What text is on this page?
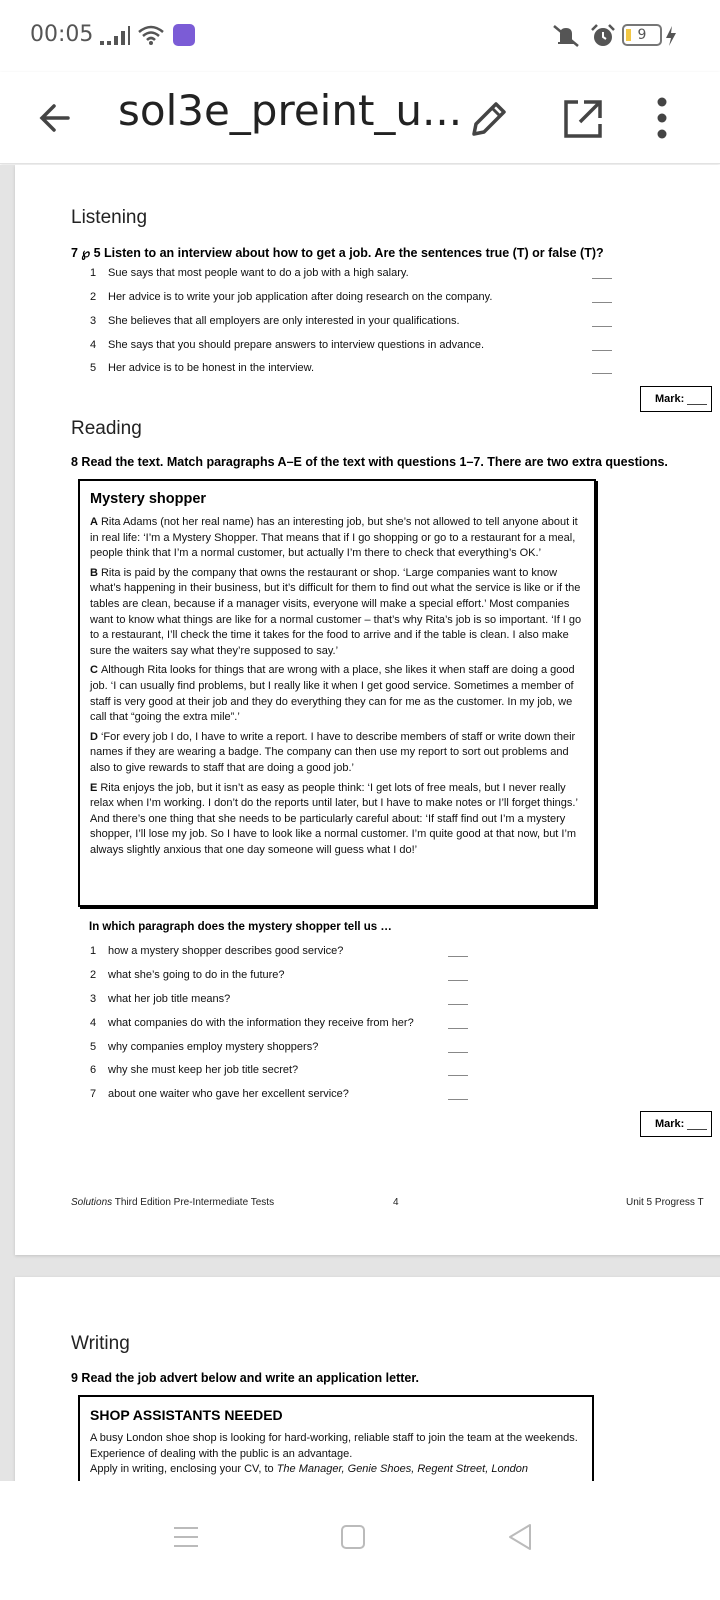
00:05	9
sol3e_preint_u...
Listening
7 ℘ 5 Listen to an interview about how to get a job. Are the sentences true (T) or false (T)?
1 Sue says that most people want to do a job with a high salary.
2 Her advice is to write your job application after doing research on the company.
3 She believes that all employers are only interested in your qualifications.
4 She says that you should prepare answers to interview questions in advance.
5 Her advice is to be honest in the interview.
Mark:
Reading
8 Read the text. Match paragraphs A–E of the text with questions 1–7. There are two extra questions.
Mystery shopper
A Rita Adams (not her real name) has an interesting job, but she’s not allowed to tell anyone about it in real life: ‘I’m a Mystery Shopper. That means that if I go shopping or go to a restaurant for a meal, people think that I’m a normal customer, but actually I’m there to check that everything’s OK.’
B Rita is paid by the company that owns the restaurant or shop. ‘Large companies want to know what’s happening in their business, but it’s difficult for them to find out what the service is like or if the tables are clean, because if a manager visits, everyone will make a special effort.’ Most companies want to know what things are like for a normal customer – that’s why Rita’s job is so important. ‘If I go to a restaurant, I’ll check the time it takes for the food to arrive and if the table is clean. I also make sure the waiters say what they’re supposed to say.’
C Although Rita looks for things that are wrong with a place, she likes it when staff are doing a good job. ‘I can usually find problems, but I really like it when I get good service. Sometimes a member of staff is very good at their job and they do everything they can for me as the customer. In my job, we call that “going the extra mile”.’
D ‘For every job I do, I have to write a report. I have to describe members of staff or write down their names if they are wearing a badge. The company can then use my report to sort out problems and also to give rewards to staff that are doing a good job.’
E Rita enjoys the job, but it isn’t as easy as people think: ‘I get lots of free meals, but I never really relax when I’m working. I don’t do the reports until later, but I have to make notes or I’ll forget things.’ And there’s one thing that she needs to be particularly careful about: ‘If staff find out I’m a mystery shopper, I’ll lose my job. So I have to look like a normal customer. I’m quite good at that now, but I’m always slightly anxious that one day someone will guess what I do!’
In which paragraph does the mystery shopper tell us …
1 how a mystery shopper describes good service?
2 what she’s going to do in the future?
3 what her job title means?
4 what companies do with the information they receive from her?
5 why companies employ mystery shoppers?
6 why she must keep her job title secret?
7 about one waiter who gave her excellent service?
Mark:
Solutions Third Edition Pre-Intermediate Tests	4	Unit 5 Progress T
Writing
9 Read the job advert below and write an application letter.
SHOP ASSISTANTS NEEDED
A busy London shoe shop is looking for hard-working, reliable staff to join the team at the weekends. Experience of dealing with the public is an advantage.
Apply in writing, enclosing your CV, to The Manager, Genie Shoes, Regent Street, London
